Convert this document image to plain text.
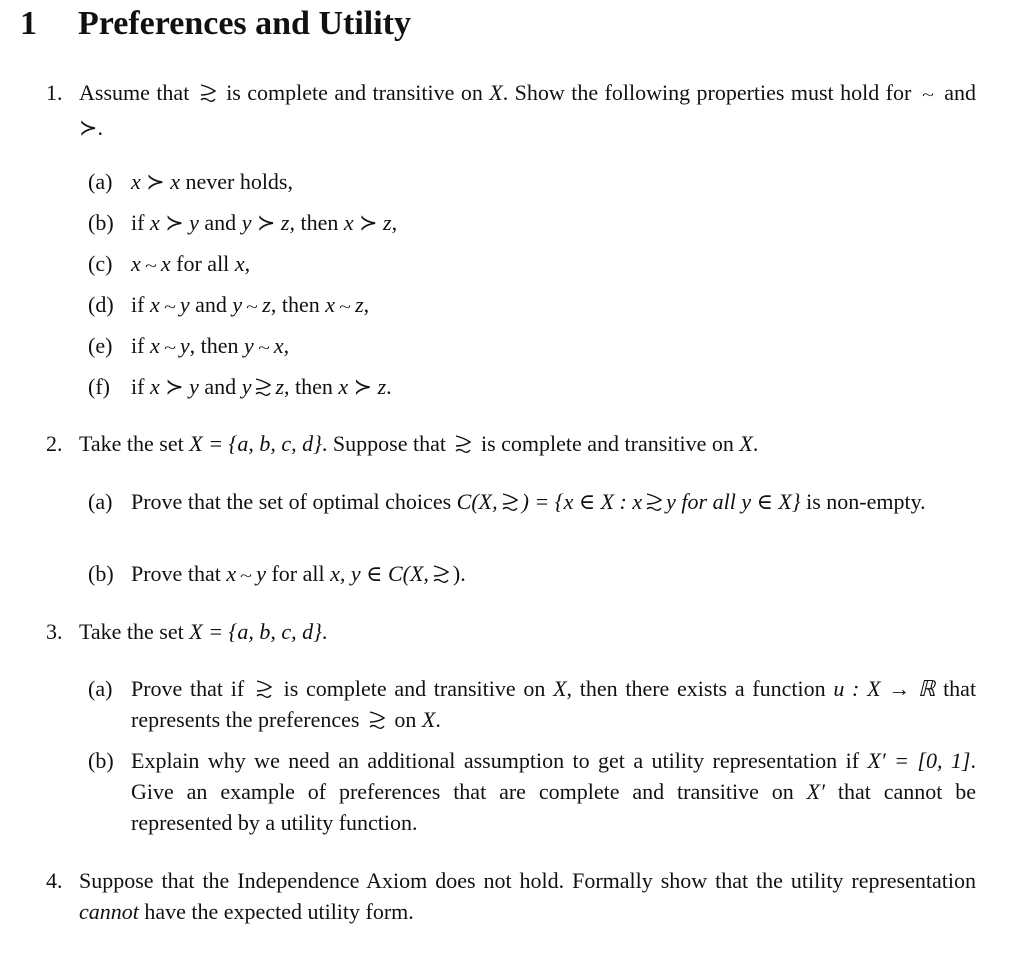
1 Preferences and Utility
1. Assume that is complete and transitive on X. Show the following properties must hold for ~ and ≻.
(a) x ≻ x never holds,
(b) if x ≻ y and y ≻ z, then x ≻ z,
(c) x ~ x for all x,
(d) if x ~ y and y ~ z, then x ~ z,
(e) if x ~ y, then y ~ x,
(f) if x ≻ y and y z, then x ≻ z.
2. Take the set X = {a, b, c, d}. Suppose that is complete and transitive on X.
(a) Prove that the set of optimal choices C(X, ) = {x ∈ X : x y for all y ∈ X} is non-empty.
(b) Prove that x ~ y for all x, y ∈ C(X, ).
3. Take the set X = {a, b, c, d}.
(a) Prove that if is complete and transitive on X, then there exists a function u : X → ℝ that represents the preferences on X.
(b) Explain why we need an additional assumption to get a utility representation if X′ = [0, 1]. Give an example of preferences that are complete and transitive on X′ that cannot be represented by a utility function.
4. Suppose that the Independence Axiom does not hold. Formally show that the utility representation cannot have the expected utility form.
